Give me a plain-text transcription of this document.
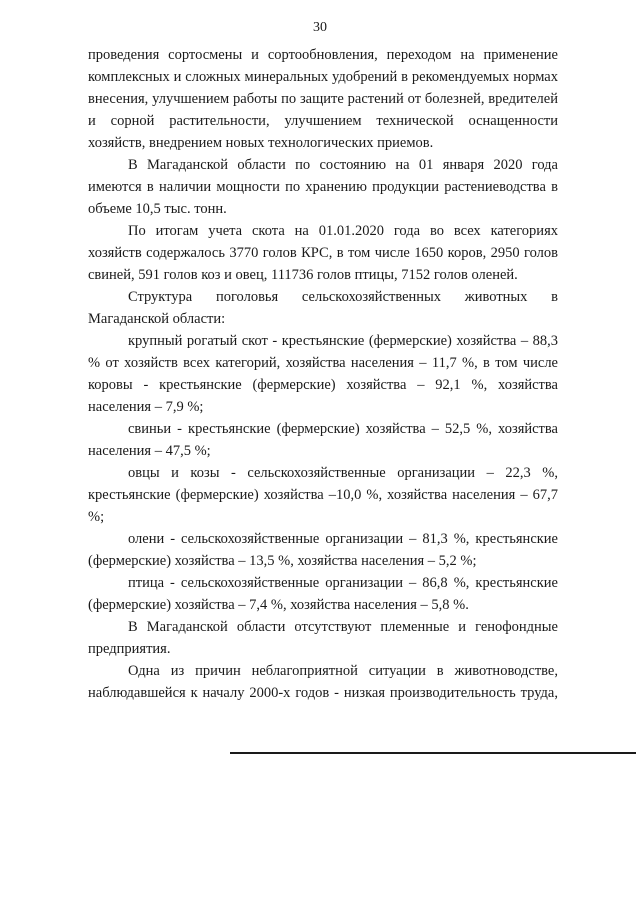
30

проведения сортосмены и сортообновления, переходом на применение комплексных и сложных минеральных удобрений в рекомендуемых нормах внесения, улучшением работы по защите растений от болезней, вредителей и сорной растительности, улучшением технической оснащенности хозяйств, внедрением новых технологических приемов.

В Магаданской области по состоянию на 01 января 2020 года имеются в наличии мощности по хранению продукции растениеводства в объеме 10,5 тыс. тонн.

По итогам учета скота на 01.01.2020 года во всех категориях хозяйств содержалось 3770 голов КРС, в том числе 1650 коров, 2950 голов свиней, 591 голов коз и овец, 111736 голов птицы, 7152 голов оленей.

Структура поголовья сельскохозяйственных животных в Магаданской области:

крупный рогатый скот - крестьянские (фермерские) хозяйства – 88,3 % от хозяйств всех категорий, хозяйства населения – 11,7 %, в том числе коровы - крестьянские (фермерские) хозяйства – 92,1 %, хозяйства населения – 7,9 %;

свиньи - крестьянские (фермерские) хозяйства – 52,5 %, хозяйства населения – 47,5 %;

овцы и козы - сельскохозяйственные организации – 22,3 %, крестьянские (фермерские) хозяйства –10,0 %, хозяйства населения – 67,7 %;

олени - сельскохозяйственные организации – 81,3 %, крестьянские (фермерские) хозяйства – 13,5 %, хозяйства населения – 5,2 %;

птица - сельскохозяйственные организации – 86,8 %, крестьянские (фермерские) хозяйства – 7,4 %, хозяйства населения – 5,8 %.

В Магаданской области отсутствуют племенные и генофондные предприятия.

Одна из причин неблагоприятной ситуации в животноводстве, наблюдавшейся к началу 2000-х годов - низкая производительность труда,
